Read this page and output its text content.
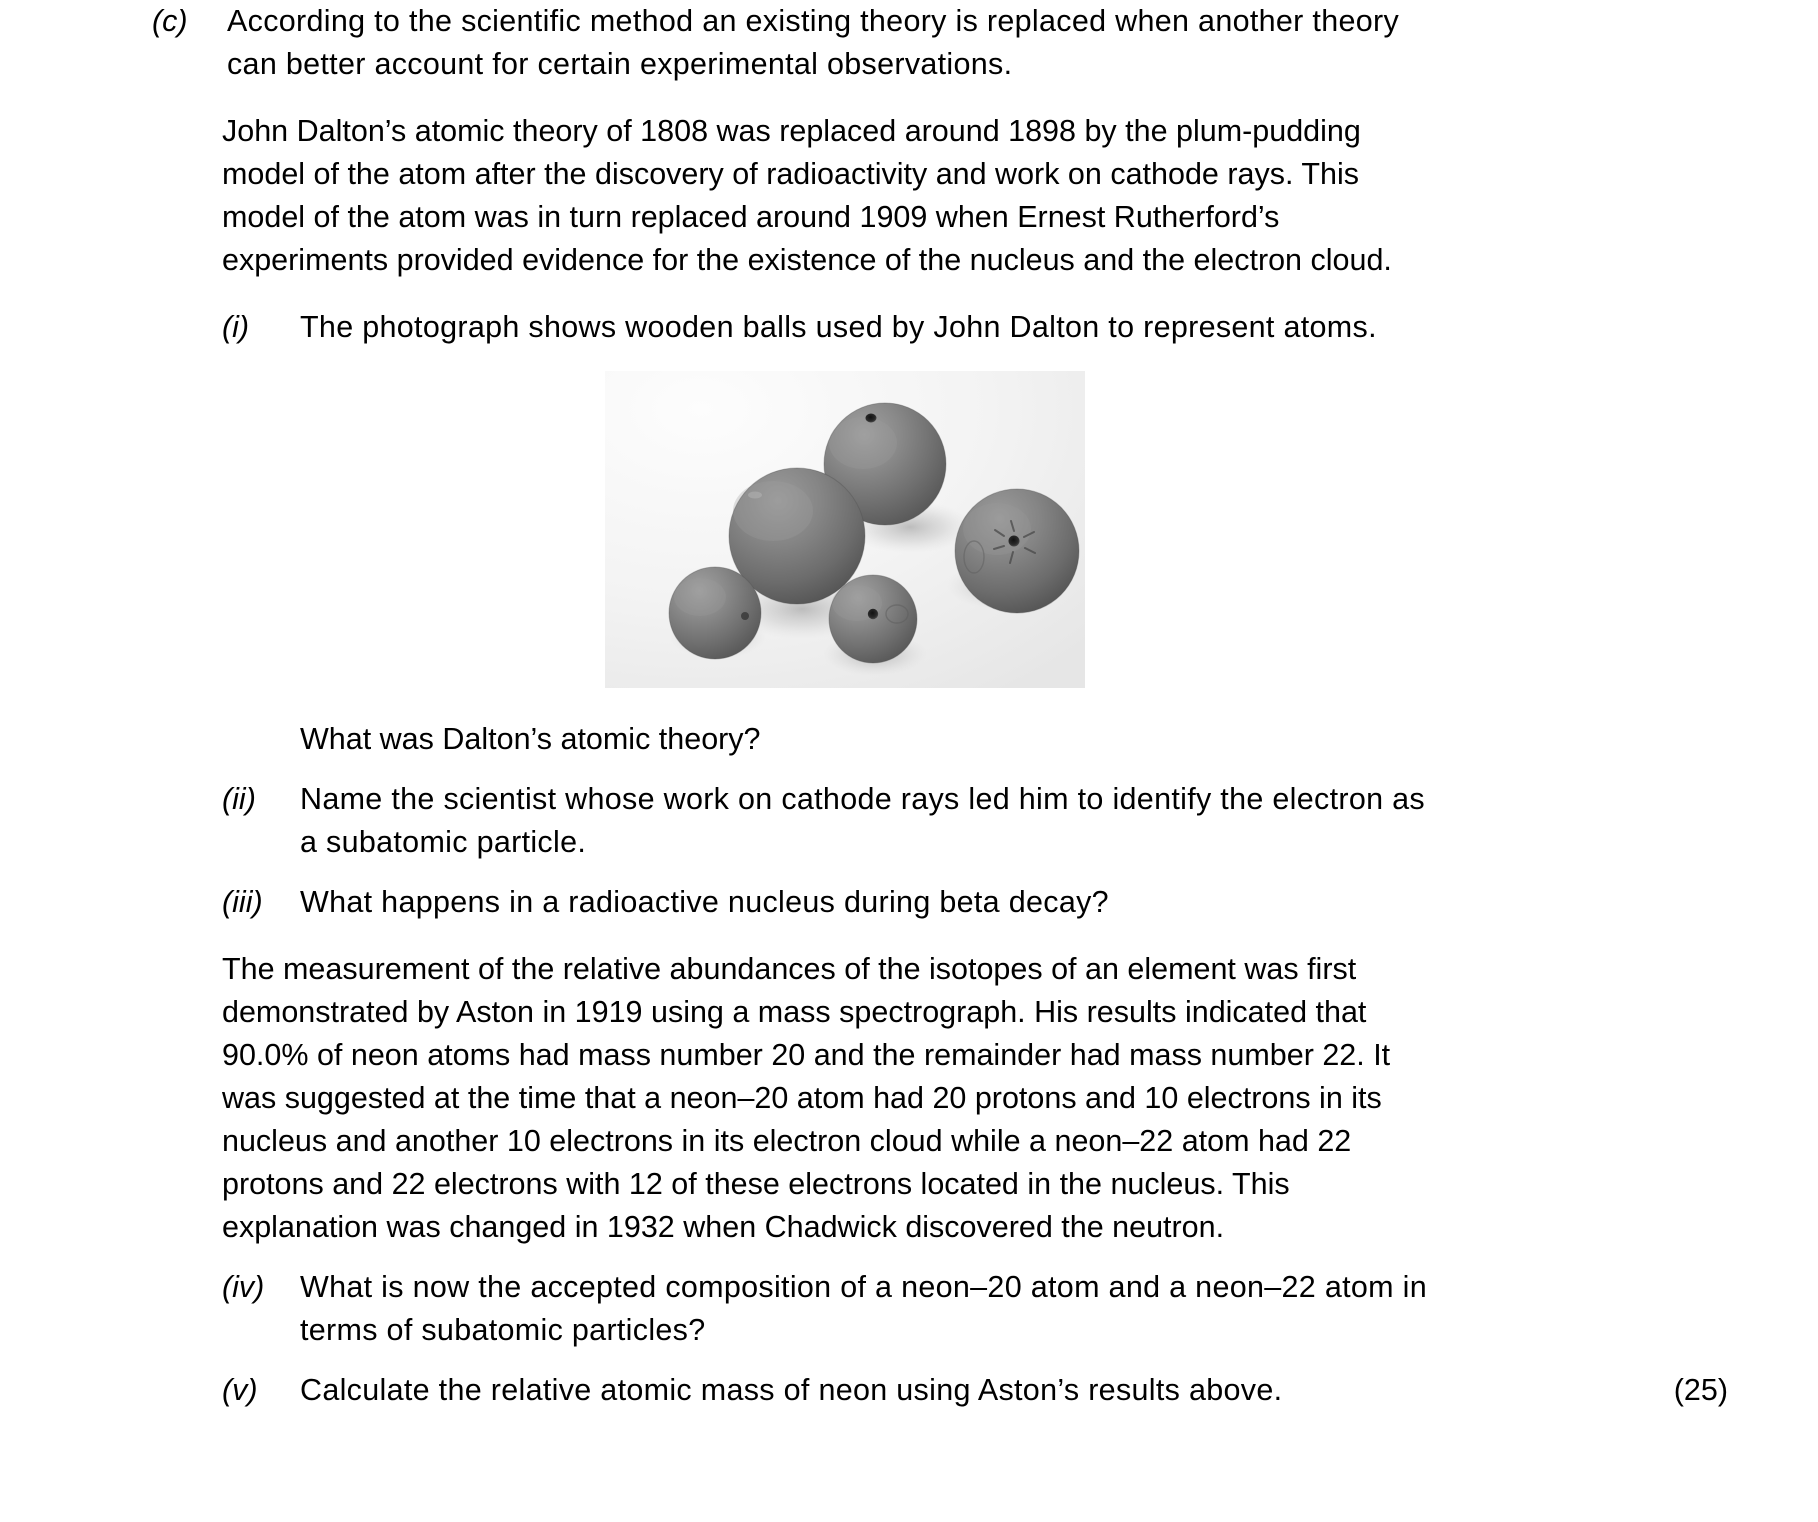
(c)	According to the scientific method an existing theory is replaced when another theory can better account for certain experimental observations.
John Dalton’s atomic theory of 1808 was replaced around 1898 by the plum-pudding model of the atom after the discovery of radioactivity and work on cathode rays. This model of the atom was in turn replaced around 1909 when Ernest Rutherford’s experiments provided evidence for the existence of the nucleus and the electron cloud.
(i)	The photograph shows wooden balls used by John Dalton to represent atoms.
What was Dalton’s atomic theory?
(ii)	Name the scientist whose work on cathode rays led him to identify the electron as a subatomic particle.
(iii)	What happens in a radioactive nucleus during beta decay?
The measurement of the relative abundances of the isotopes of an element was first demonstrated by Aston in 1919 using a mass spectrograph. His results indicated that 90.0% of neon atoms had mass number 20 and the remainder had mass number 22. It was suggested at the time that a neon–20 atom had 20 protons and 10 electrons in its nucleus and another 10 electrons in its electron cloud while a neon–22 atom had 22 protons and 22 electrons with 12 of these electrons located in the nucleus. This explanation was changed in 1932 when Chadwick discovered the neutron.
(iv)	What is now the accepted composition of a neon–20 atom and a neon–22 atom in terms of subatomic particles?
(v)	Calculate the relative atomic mass of neon using Aston’s results above.	(25)
